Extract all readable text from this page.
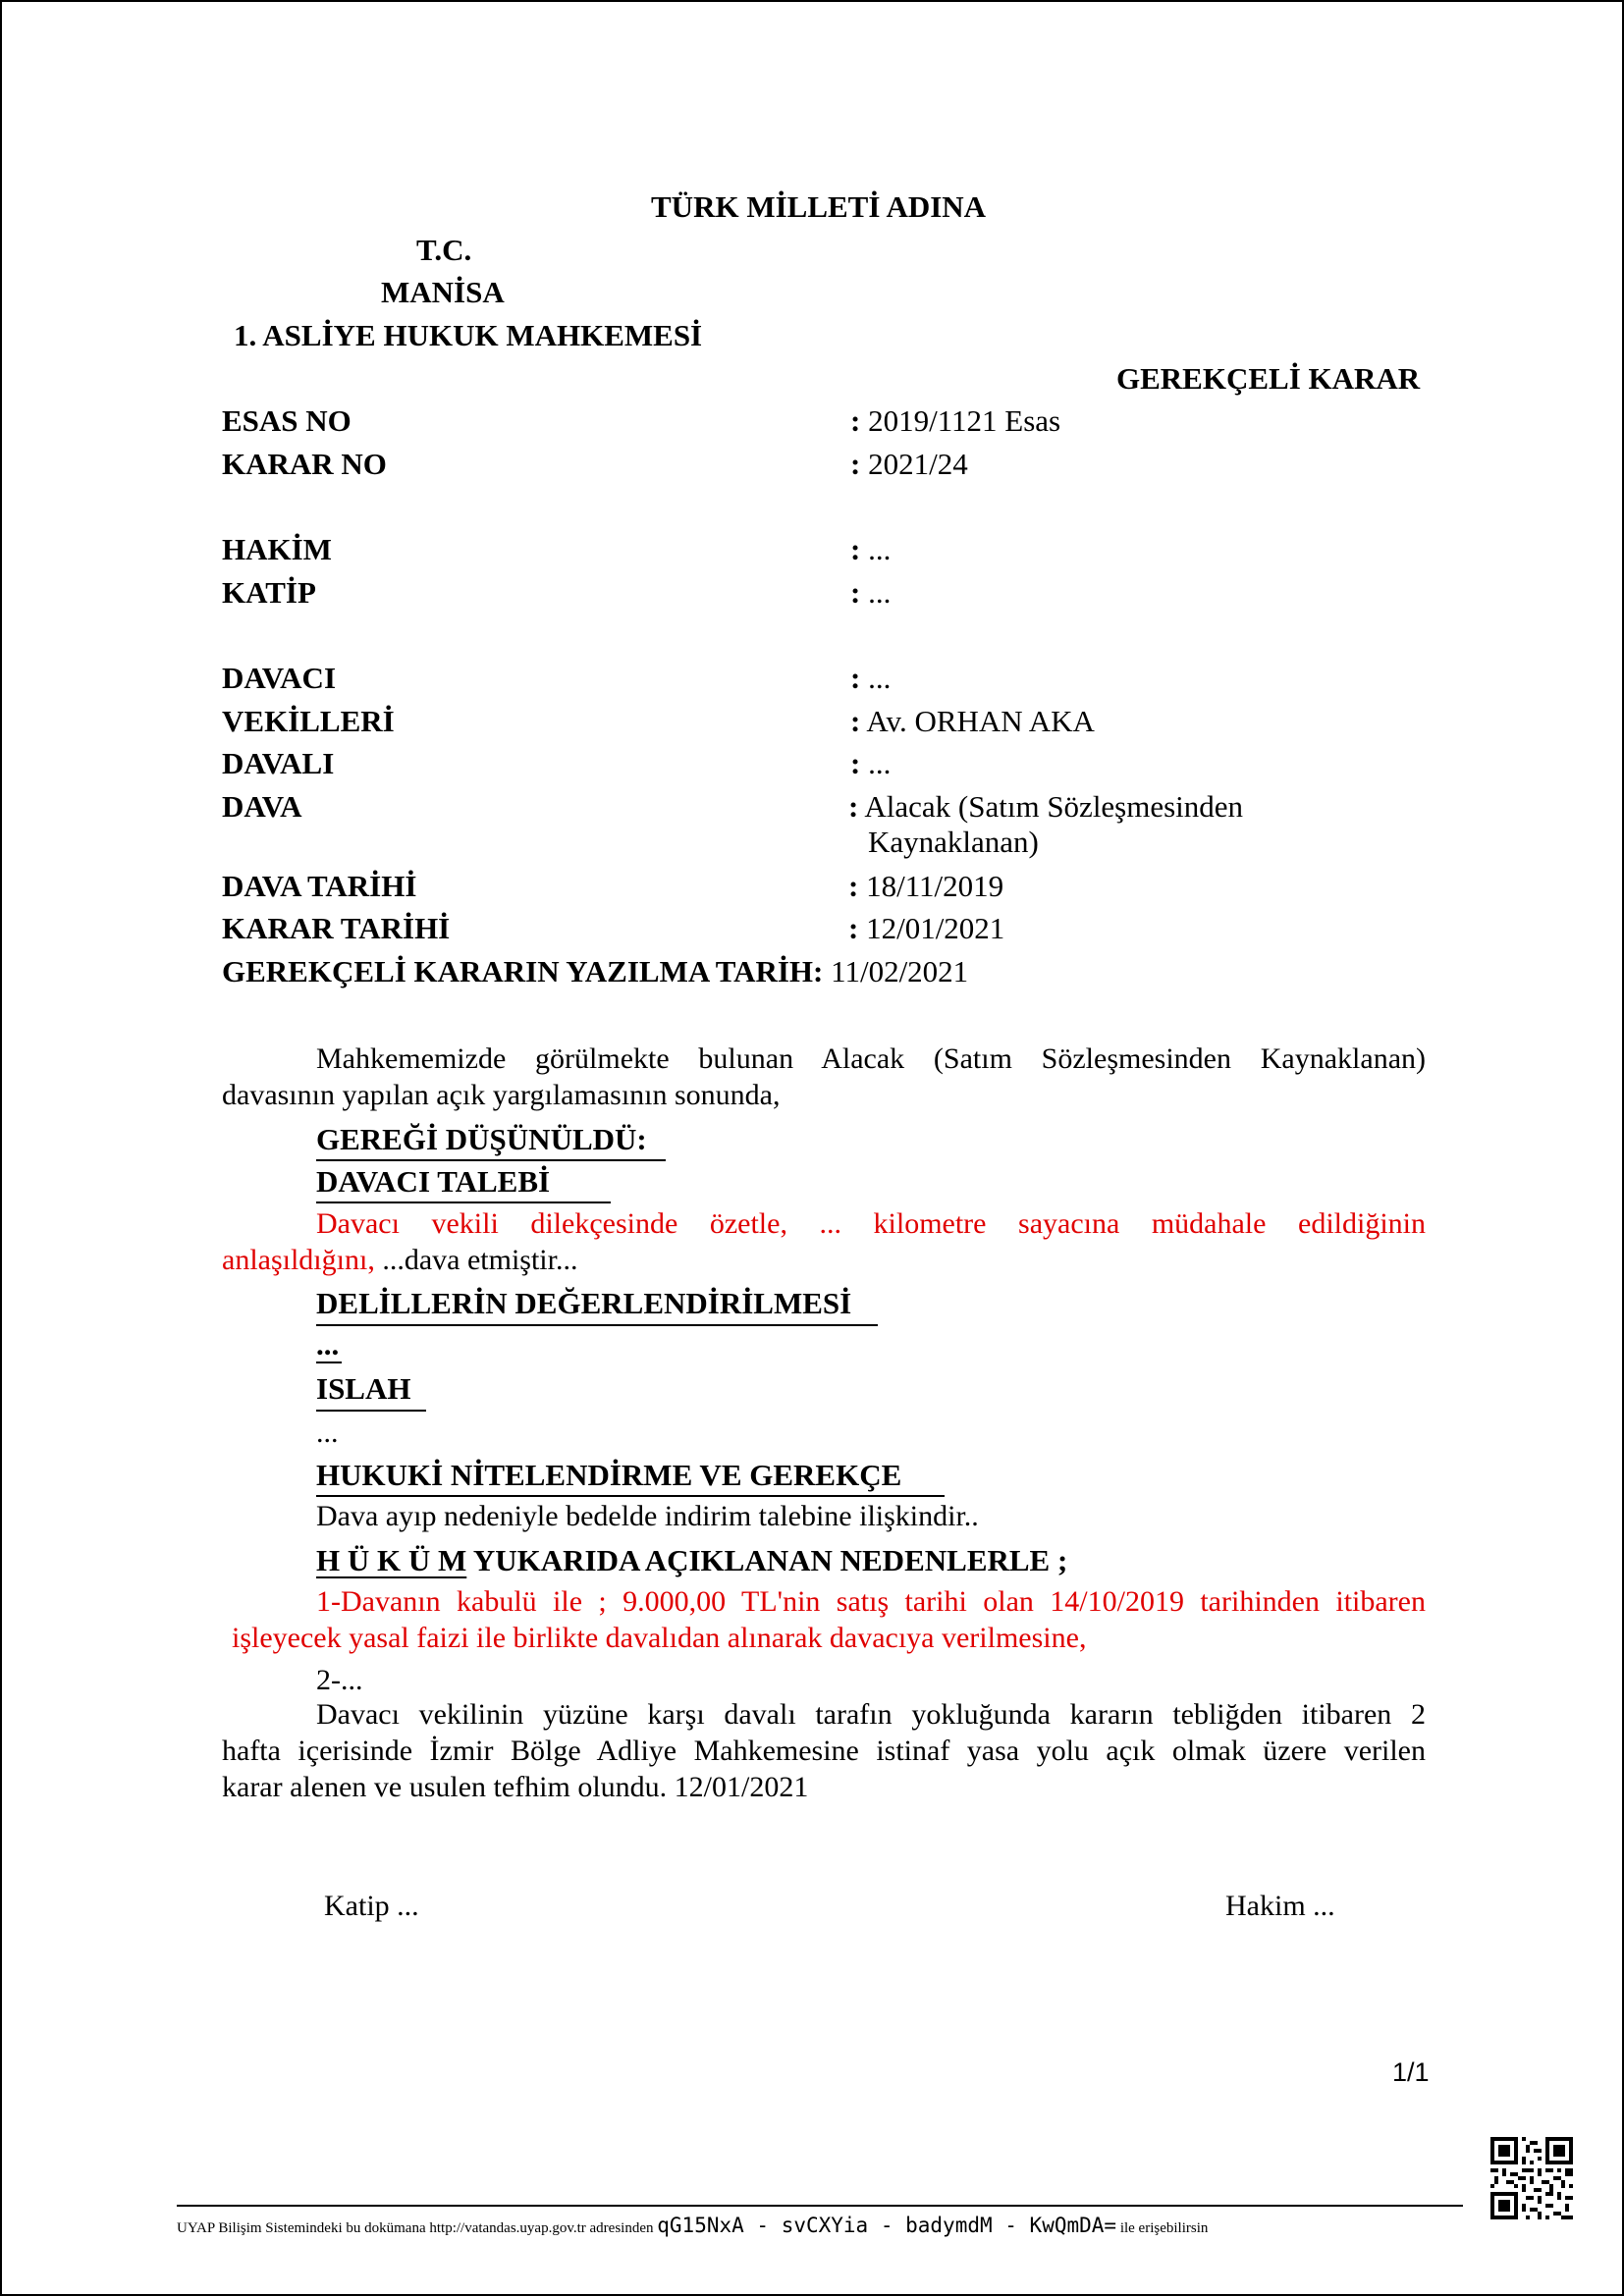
TÜRK MİLLETİ ADINA
T.C.
MANİSA
1. ASLİYE HUKUK MAHKEMESİ
GEREKÇELİ KARAR
ESAS NO	: 2019/1121 Esas
KARAR NO	: 2021/24
HAKİM	: ...
KATİP	: ...
DAVACI	: ...
VEKİLLERİ	: Av. ORHAN AKA
DAVALI	: ...
DAVA	: Alacak (Satım Sözleşmesinden
Kaynaklanan)
DAVA TARİHİ	: 18/11/2019
KARAR TARİHİ	: 12/01/2021
GEREKÇELİ KARARIN YAZILMA TARİH: 11/02/2021
Mahkememizde görülmekte bulunan Alacak (Satım Sözleşmesinden Kaynaklanan)
davasının yapılan açık yargılamasının sonunda,
GEREĞİ DÜŞÜNÜLDÜ:
DAVACI TALEBİ
Davacı vekili dilekçesinde özetle, ... kilometre sayacına müdahale edildiğinin
anlaşıldığını, ...dava etmiştir...
DELİLLERİN DEĞERLENDİRİLMESİ
...
ISLAH
...
HUKUKİ NİTELENDİRME VE GEREKÇE
Dava ayıp nedeniyle bedelde indirim talebine ilişkindir..
H Ü K Ü M YUKARIDA AÇIKLANAN NEDENLERLE ;
1-Davanın kabulü ile ; 9.000,00 TL'nin satış tarihi olan 14/10/2019 tarihinden itibaren
işleyecek yasal faizi ile birlikte davalıdan alınarak davacıya verilmesine,
2-...
Davacı vekilinin yüzüne karşı davalı tarafın yokluğunda kararın tebliğden itibaren 2
hafta içerisinde İzmir Bölge Adliye Mahkemesine istinaf yasa yolu açık olmak üzere verilen
karar alenen ve usulen tefhim olundu. 12/01/2021
Katip ...	Hakim ...
1/1
UYAP Bilişim Sistemindeki bu dokümana http://vatandas.uyap.gov.tr adresinden qG15NxA - svCXYia - badymdM - KwQmDA= ile erişebilirsin
